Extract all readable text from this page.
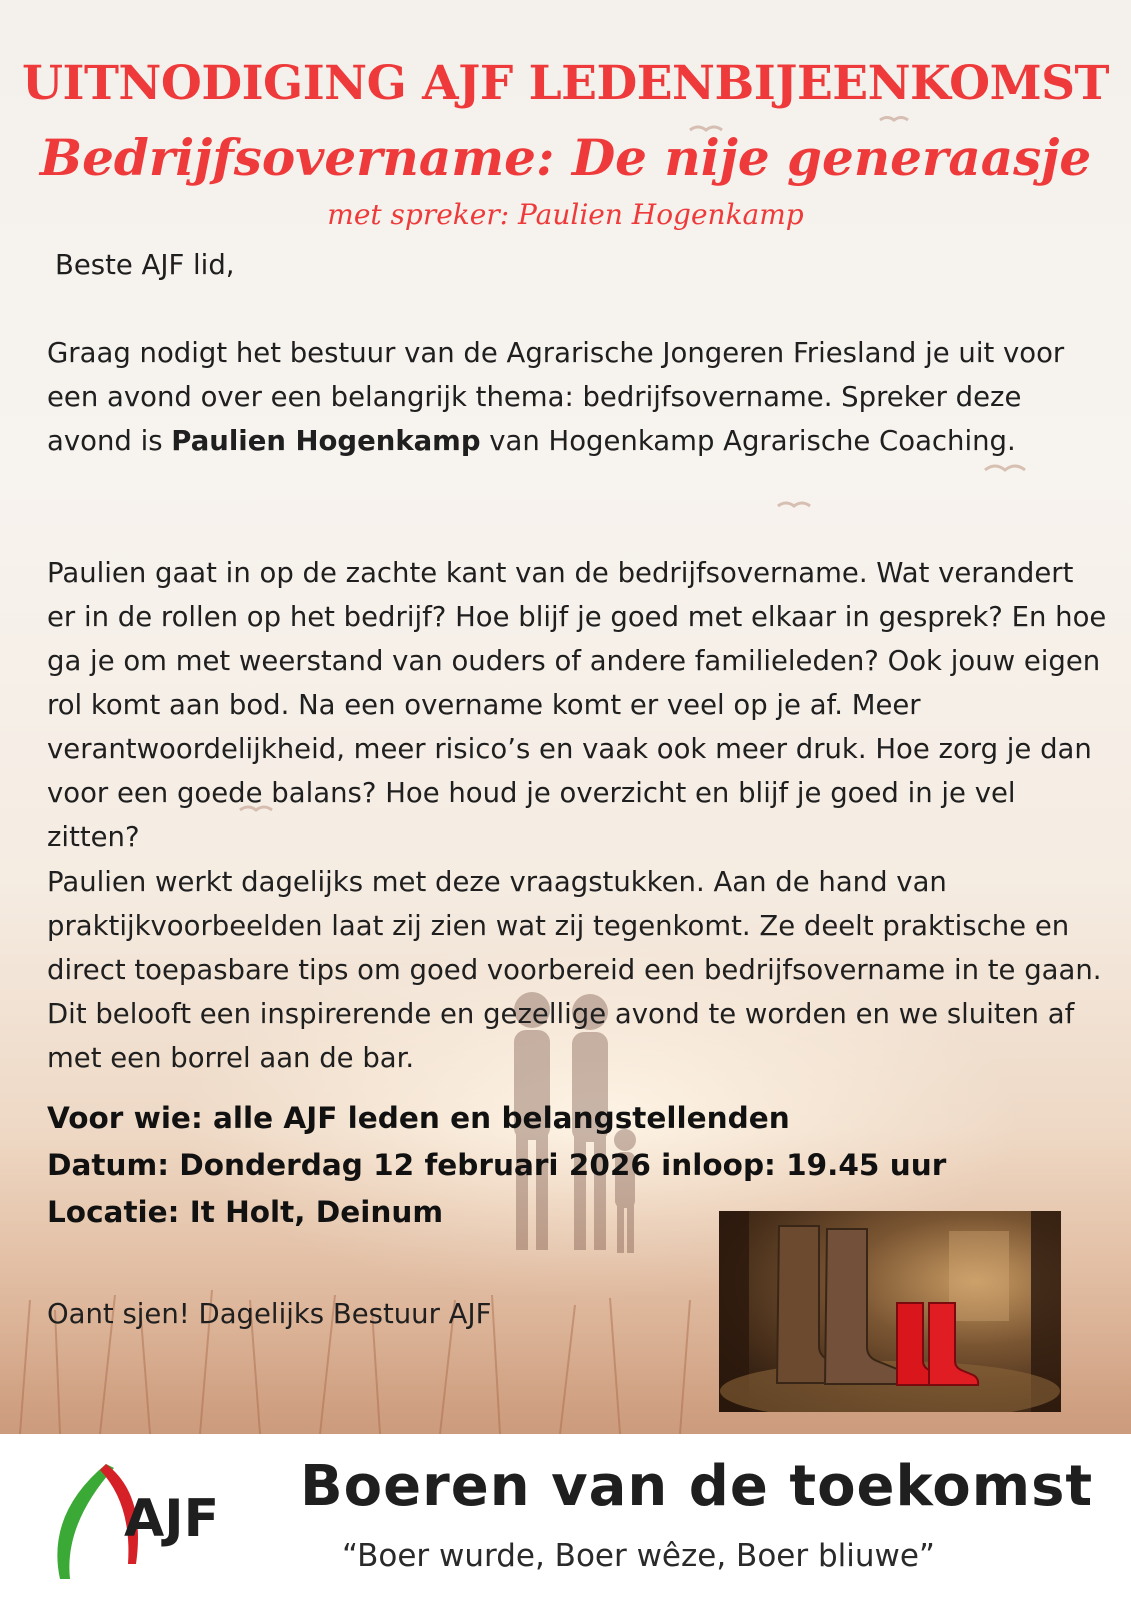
UITNODIGING AJF LEDENBIJEENKOMST
Bedrijfsovername: De nije generaasje
met spreker: Paulien Hogenkamp
Beste AJF lid,

Graag nodigt het bestuur van de Agrarische Jongeren Friesland je uit voor een avond over een belangrijk thema: bedrijfsovername. Spreker deze avond is Paulien Hogenkamp van Hogenkamp Agrarische Coaching.

Paulien gaat in op de zachte kant van de bedrijfsovername. Wat verandert er in de rollen op het bedrijf? Hoe blijf je goed met elkaar in gesprek? En hoe ga je om met weerstand van ouders of andere familieleden? Ook jouw eigen rol komt aan bod. Na een overname komt er veel op je af. Meer verantwoordelijkheid, meer risico’s en vaak ook meer druk. Hoe zorg je dan voor een goede balans? Hoe houd je overzicht en blijf je goed in je vel zitten?

Paulien werkt dagelijks met deze vraagstukken. Aan de hand van praktijkvoorbeelden laat zij zien wat zij tegenkomt. Ze deelt praktische en direct toepasbare tips om goed voorbereid een bedrijfsovername in te gaan. Dit belooft een inspirerende en gezellige avond te worden en we sluiten af met een borrel aan de bar.

Voor wie: alle AJF leden en belangstellenden
Datum: Donderdag 12 februari 2026 inloop: 19.45 uur
Locatie: It Holt, Deinum
Oant sjen! Dagelijks Bestuur AJF
AJF Boeren van de toekomst
“Boer wurde, Boer wêze, Boer bliuwe”
